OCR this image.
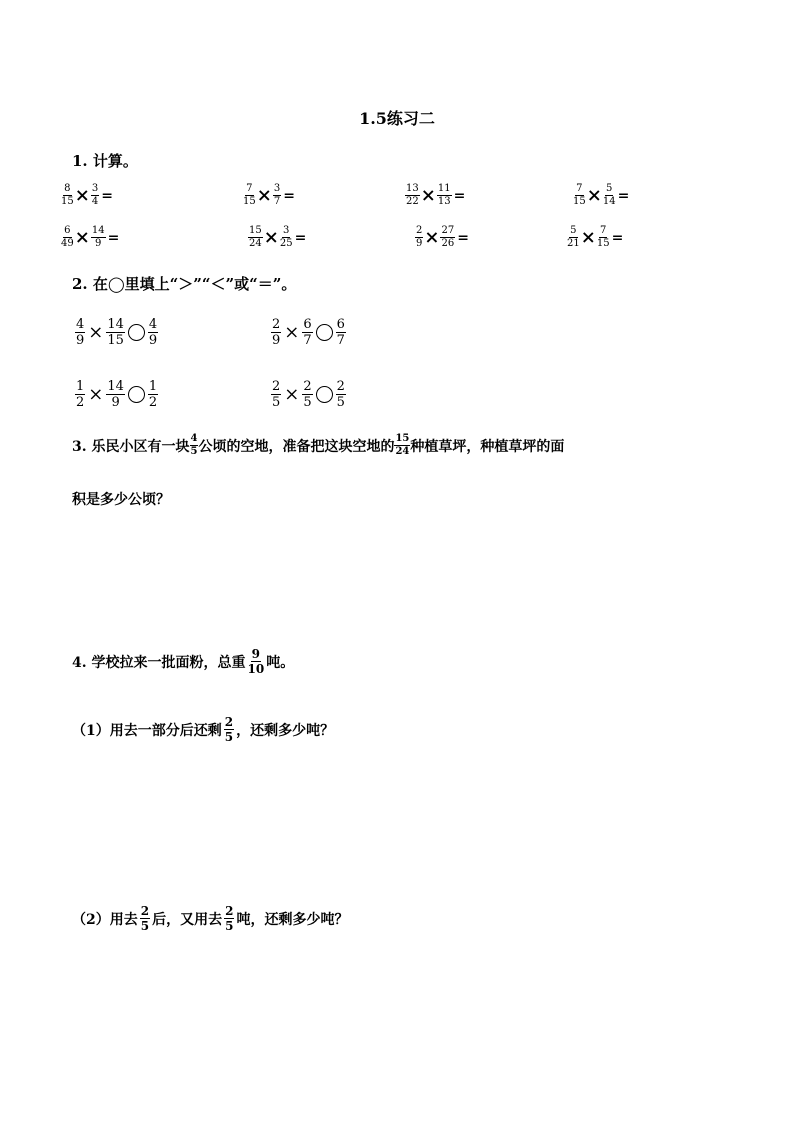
1.5练习二
1. 计算。
$\frac{8}{15} \times \frac{3}{4}$ =	$\frac{7}{15} \times \frac{3}{7}$ =	$\frac{13}{22} \times \frac{11}{13}$ =	$\frac{7}{15} \times \frac{5}{14}$ =
$\frac{6}{49} \times \frac{14}{9}$ =	$\frac{15}{24} \times \frac{3}{25}$ =	$\frac{2}{9} \times \frac{27}{26}$ =	$\frac{5}{21} \times \frac{7}{15}$ =
2. 在◯里填上“＞”“＜”或“＝”。
$\frac{4}{9} \times \frac{14}{15} \frac{4}{9}$	$\frac{2}{9} \times \frac{6}{7} \frac{6}{7}$
$\frac{1}{2} \times \frac{14}{9} \frac{1}{2}$	$\frac{2}{5} \times \frac{2}{5} \frac{2}{5}$
3. 乐民小区有一块 $\frac{4}{5}$ 公顷的空地，准备把这块空地的 $\frac{15}{24}$ 种植草坪，种植草坪的面
积是多少公顷？
4. 学校拉来一批面粉，总重 $\frac{9}{10}$ 吨。
（1）用去一部分后还剩 $\frac{2}{5}$ ，还剩多少吨？
（2）用去 $\frac{2}{5}$ 后，又用去 $\frac{2}{5}$ 吨，还剩多少吨？
